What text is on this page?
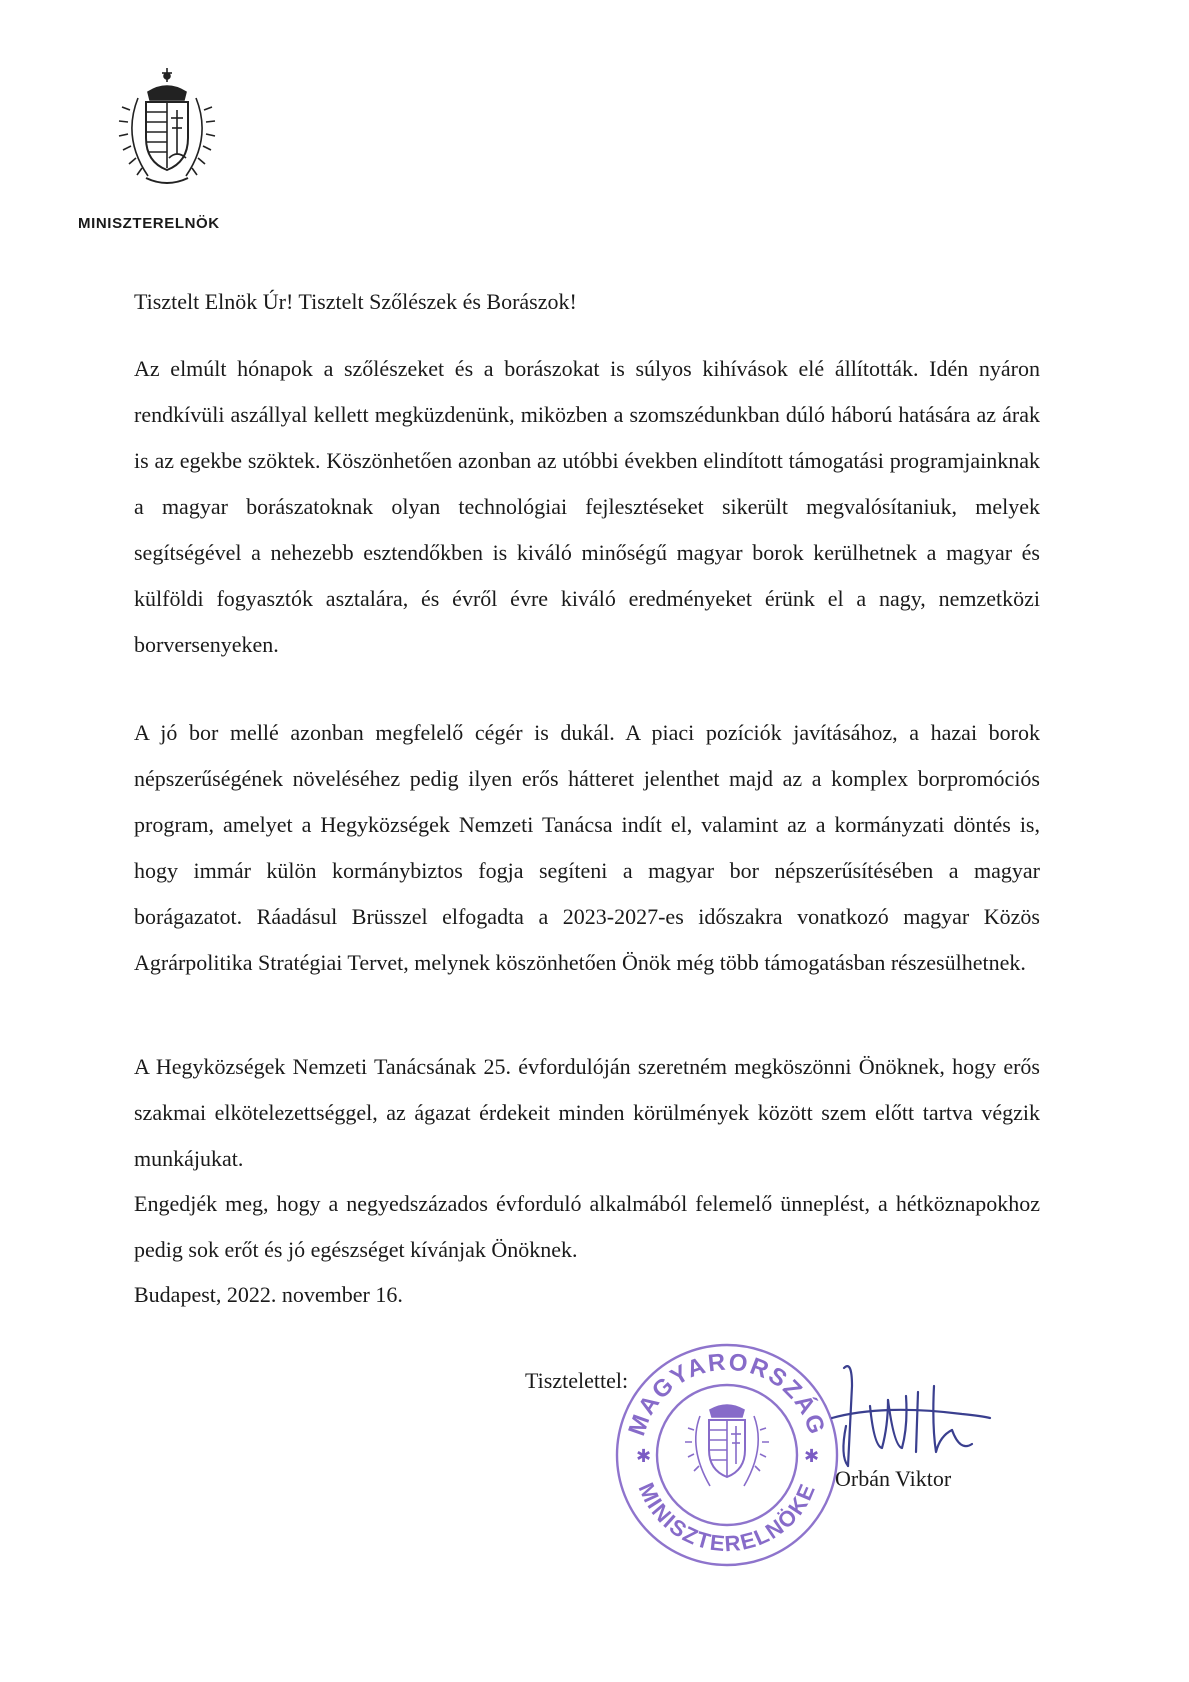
MINISZTERELNÖK
Tisztelt Elnök Úr! Tisztelt Szőlészek és Borászok!
Az elmúlt hónapok a szőlészeket és a borászokat is súlyos kihívások elé állították. Idén nyáron rendkívüli aszállyal kellett megküzdenünk, miközben a szomszédunkban dúló háború hatására az árak is az egekbe szöktek. Köszönhetően azonban az utóbbi években elindított támogatási programjainknak a magyar borászatoknak olyan technológiai fejlesztéseket sikerült megvalósítaniuk, melyek segítségével a nehezebb esztendőkben is kiváló minőségű magyar borok kerülhetnek a magyar és külföldi fogyasztók asztalára, és évről évre kiváló eredményeket érünk el a nagy, nemzetközi borversenyeken.
A jó bor mellé azonban megfelelő cégér is dukál. A piaci pozíciók javításához, a hazai borok népszerűségének növeléséhez pedig ilyen erős hátteret jelenthet majd az a komplex borpromóciós program, amelyet a Hegyközségek Nemzeti Tanácsa indít el, valamint az a kormányzati döntés is, hogy immár külön kormánybiztos fogja segíteni a magyar bor népszerűsítésében a magyar borágazatot. Ráadásul Brüsszel elfogadta a 2023-2027-es időszakra vonatkozó magyar Közös Agrárpolitika Stratégiai Tervet, melynek köszönhetően Önök még több támogatásban részesülhetnek.
A Hegyközségek Nemzeti Tanácsának 25. évfordulóján szeretném megköszönni Önöknek, hogy erős szakmai elkötelezettséggel, az ágazat érdekeit minden körülmények között szem előtt tartva végzik munkájukat.
Engedjék meg, hogy a negyedszázados évforduló alkalmából felemelő ünneplést, a hétköznapokhoz pedig sok erőt és jó egészséget kívánjak Önöknek.
Budapest, 2022. november 16.
Tisztelettel:
MAGYARORSZÁG
MINISZTERELNÖKE
✱	✱
Orbán Viktor
